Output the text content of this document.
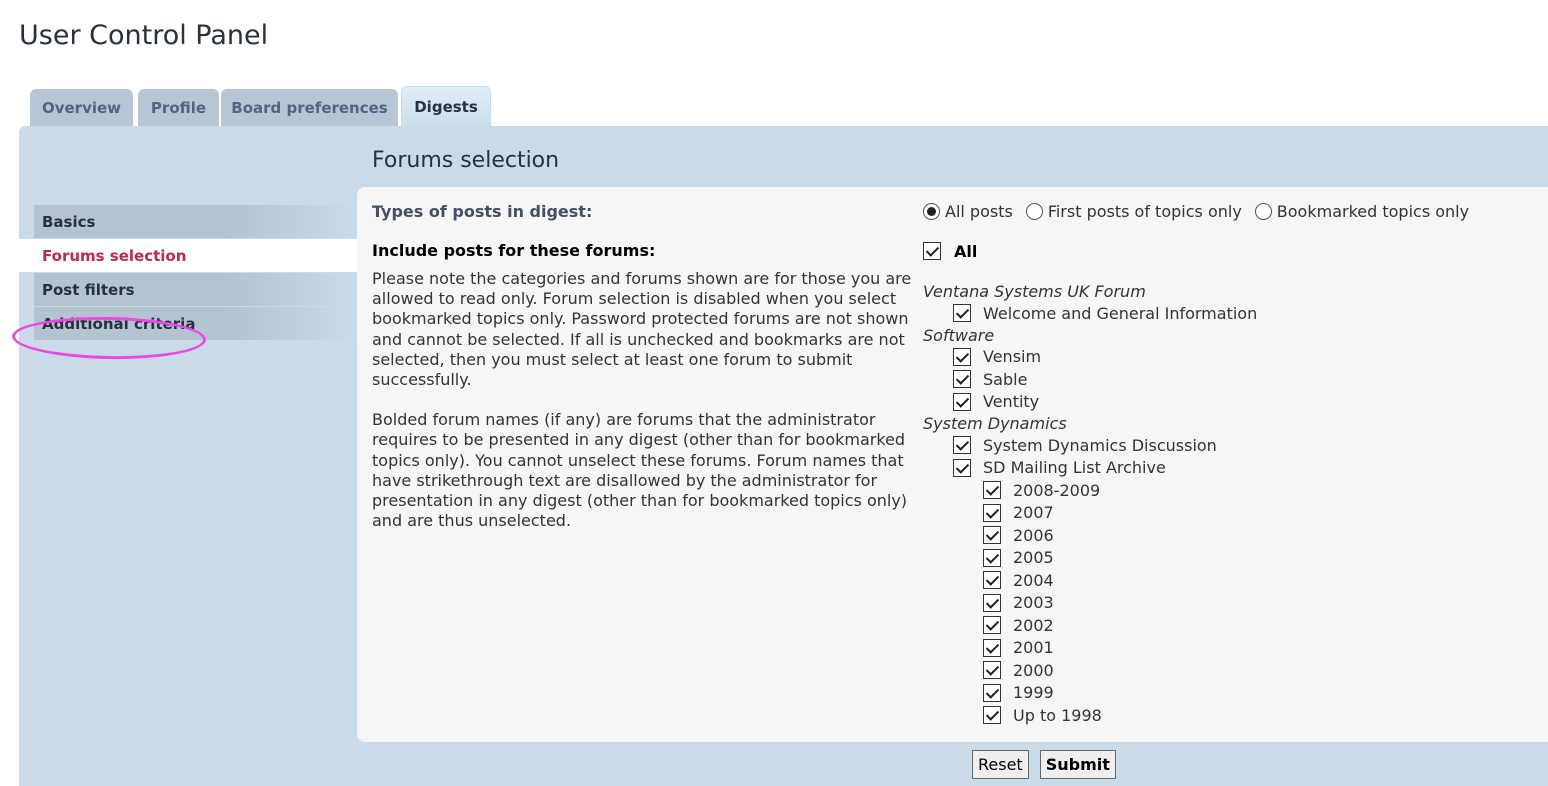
User Control Panel
Overview	Profile	Board preferences	Digests
Forums selection
Basics
Forums selection
Post filters
Additional criteria
Types of posts in digest:	All posts First posts of topics only Bookmarked topics only
Include posts for these forums:

Please note the categories and forums shown are for those you are allowed to read only. Forum selection is disabled when you select bookmarked topics only. Password protected forums are not shown and cannot be selected. If all is unchecked and bookmarks are not selected, then you must select at least one forum to submit successfully.

Bolded forum names (if any) are forums that the administrator requires to be presented in any digest (other than for bookmarked topics only). You cannot unselect these forums. Forum names that have strikethrough text are disallowed by the administrator for presentation in any digest (other than for bookmarked topics only) and are thus unselected.

All
Ventana Systems UK Forum
Welcome and General Information
Software
Vensim
Sable
Ventity
System Dynamics
System Dynamics Discussion
SD Mailing List Archive
2008-2009
2007
2006
2005
2004
2003
2002
2001
2000
1999
Up to 1998
Reset	Submit
